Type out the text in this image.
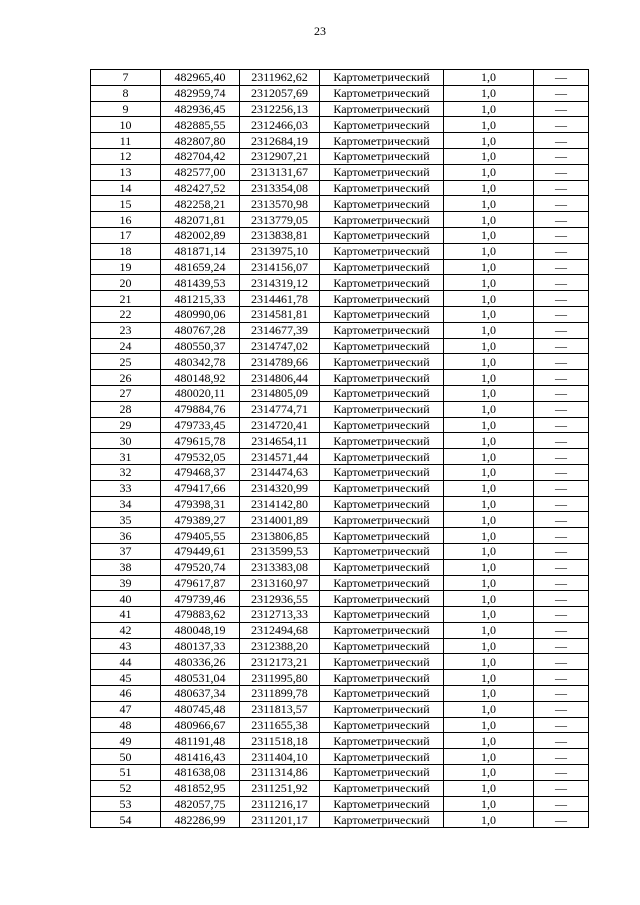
23
7	482965,40	2311962,62	Картометрический	1,0	—
8	482959,74	2312057,69	Картометрический	1,0	—
9	482936,45	2312256,13	Картометрический	1,0	—
10	482885,55	2312466,03	Картометрический	1,0	—
11	482807,80	2312684,19	Картометрический	1,0	—
12	482704,42	2312907,21	Картометрический	1,0	—
13	482577,00	2313131,67	Картометрический	1,0	—
14	482427,52	2313354,08	Картометрический	1,0	—
15	482258,21	2313570,98	Картометрический	1,0	—
16	482071,81	2313779,05	Картометрический	1,0	—
17	482002,89	2313838,81	Картометрический	1,0	—
18	481871,14	2313975,10	Картометрический	1,0	—
19	481659,24	2314156,07	Картометрический	1,0	—
20	481439,53	2314319,12	Картометрический	1,0	—
21	481215,33	2314461,78	Картометрический	1,0	—
22	480990,06	2314581,81	Картометрический	1,0	—
23	480767,28	2314677,39	Картометрический	1,0	—
24	480550,37	2314747,02	Картометрический	1,0	—
25	480342,78	2314789,66	Картометрический	1,0	—
26	480148,92	2314806,44	Картометрический	1,0	—
27	480020,11	2314805,09	Картометрический	1,0	—
28	479884,76	2314774,71	Картометрический	1,0	—
29	479733,45	2314720,41	Картометрический	1,0	—
30	479615,78	2314654,11	Картометрический	1,0	—
31	479532,05	2314571,44	Картометрический	1,0	—
32	479468,37	2314474,63	Картометрический	1,0	—
33	479417,66	2314320,99	Картометрический	1,0	—
34	479398,31	2314142,80	Картометрический	1,0	—
35	479389,27	2314001,89	Картометрический	1,0	—
36	479405,55	2313806,85	Картометрический	1,0	—
37	479449,61	2313599,53	Картометрический	1,0	—
38	479520,74	2313383,08	Картометрический	1,0	—
39	479617,87	2313160,97	Картометрический	1,0	—
40	479739,46	2312936,55	Картометрический	1,0	—
41	479883,62	2312713,33	Картометрический	1,0	—
42	480048,19	2312494,68	Картометрический	1,0	—
43	480137,33	2312388,20	Картометрический	1,0	—
44	480336,26	2312173,21	Картометрический	1,0	—
45	480531,04	2311995,80	Картометрический	1,0	—
46	480637,34	2311899,78	Картометрический	1,0	—
47	480745,48	2311813,57	Картометрический	1,0	—
48	480966,67	2311655,38	Картометрический	1,0	—
49	481191,48	2311518,18	Картометрический	1,0	—
50	481416,43	2311404,10	Картометрический	1,0	—
51	481638,08	2311314,86	Картометрический	1,0	—
52	481852,95	2311251,92	Картометрический	1,0	—
53	482057,75	2311216,17	Картометрический	1,0	—
54	482286,99	2311201,17	Картометрический	1,0	—
